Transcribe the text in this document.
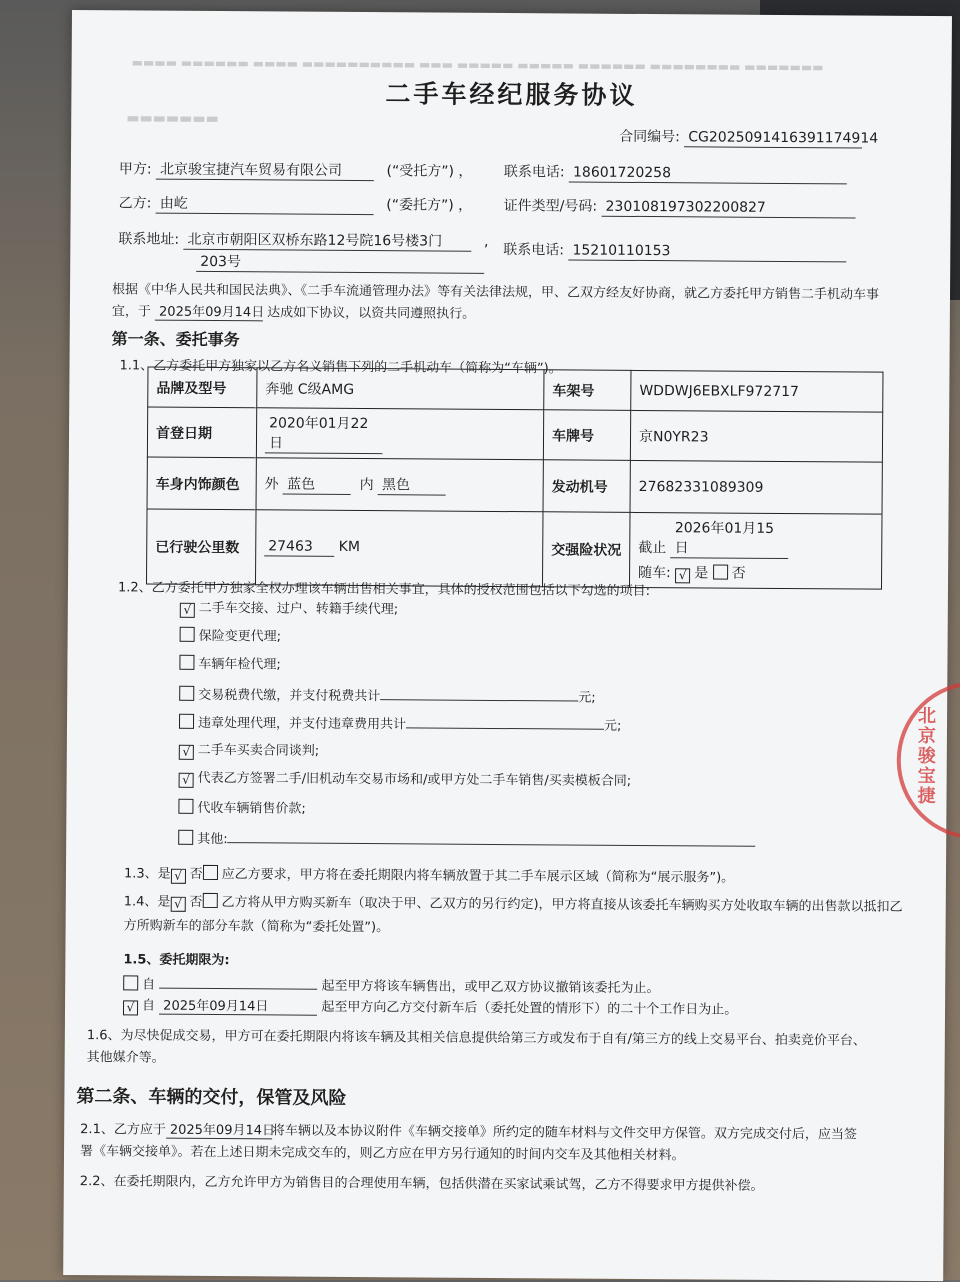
▬▬▬▬ ▬▬▬▬▬▬ ▬▬▬▬ ▬▬▬▬▬▬▬▬▬▬ ▬▬▬ ▬▬▬▬▬ ▬▬▬▬▬ ▬▬▬▬▬▬ ▬▬▬▬▬▬▬▬ ▬▬▬▬▬▬▬
▬▬▬▬▬▬▬
二手车经纪服务协议
合同编号: CG2025091416391174914
甲方: 北京骏宝捷汽车贸易有限公司	(“受托方”) ， 联系电话: 18601720258
乙方: 由屹	(“委托方”) ， 证件类型/号码: 230108197302200827
联系地址: 北京市朝阳区双桥东路12号院16号楼3门	,
203号
联系电话: 15210110153
根据《中华人民共和国民法典》、《二手车流通管理办法》等有关法律法规，甲、乙双方经友好协商，就乙方委托甲方销售二手机动车事
宜，于 2025年09月14日 达成如下协议，以资共同遵照执行。
第一条、委托事务
1.1、乙方委托甲方独家以乙方名义销售下列的二手机动车（简称为“车辆”)。
品牌及型号	奔驰 C级AMG	车架号	WDDWJ6EBXLF972717
首登日期	2020年01月22日	车牌号	京N0YR23
车身内饰颜色	外 蓝色 内 黑色	发动机号	27682331089309
已行驶公里数	27463 KM	交强险状况	截止 2026年01月15日
随车: √ 是 否
1.2、乙方委托甲方独家全权办理该车辆出售相关事宜，具体的授权范围包括以下勾选的项目:
√ 二手车交接、过户、转籍手续代理;
保险变更代理;
车辆年检代理;
交易税费代缴，并支付税费共计	元;
违章处理代理，并支付违章费用共计	元;
√ 二手车买卖合同谈判;
√ 代表乙方签署二手/旧机动车交易市场和/或甲方处二手车销售/买卖模板合同;
代收车辆销售价款;
其他:
1.3、是 √ 否 应乙方要求，甲方将在委托期限内将车辆放置于其二手车展示区域（简称为“展示服务”)。
1.4、是 √ 否 乙方将从甲方购买新车（取决于甲、乙双方的另行约定)，甲方将直接从该委托车辆购买方处收取车辆的出售款以抵扣乙
方所购新车的部分车款（简称为“委托处置”)。
1.5、委托期限为:
自	起至甲方将该车辆售出，或甲乙双方协议撤销该委托为止。
√ 自 2025年09月14日	起至甲方向乙方交付新车后（委托处置的情形下）的二十个工作日为止。
1.6、为尽快促成交易，甲方可在委托期限内将该车辆及其相关信息提供给第三方或发布于自有/第三方的线上交易平台、拍卖竞价平台、
其他媒介等。
第二条、车辆的交付，保管及风险
2.1、乙方应于 2025年09月14日将车辆以及本协议附件《车辆交接单》所约定的随车材料与文件交甲方保管。双方完成交付后，应当签
署《车辆交接单》。若在上述日期未完成交车的，则乙方应在甲方另行通知的时间内交车及其他相关材料。
2.2、在委托期限内，乙方允许甲方为销售目的合理使用车辆，包括供潜在买家试乘试驾，乙方不得要求甲方提供补偿。
北京骏宝捷
